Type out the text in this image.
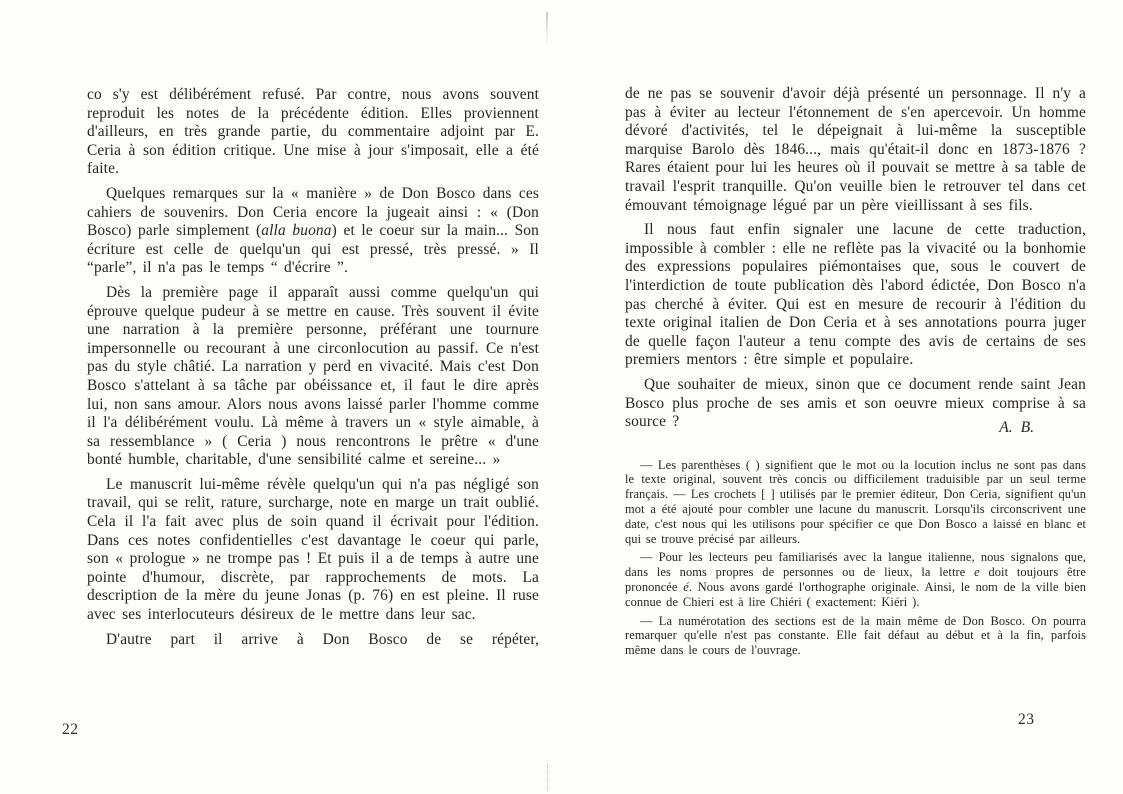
co s'y est délibérément refusé. Par contre, nous avons souvent reproduit les notes de la précédente édition. Elles proviennent d'ailleurs, en très grande partie, du commentaire adjoint par E. Ceria à son édition critique. Une mise à jour s'imposait, elle a été faite.

Quelques remarques sur la « manière » de Don Bosco dans ces cahiers de souvenirs. Don Ceria encore la jugeait ainsi : « (Don Bosco) parle simplement (alla buona) et le coeur sur la main... Son écriture est celle de quelqu'un qui est pressé, très pressé. » Il “parle”, il n'a pas le temps “ d'écrire ”.

Dès la première page il apparaît aussi comme quelqu'un qui éprouve quelque pudeur à se mettre en cause. Très souvent il évite une narration à la première personne, préférant une tournure impersonnelle ou recourant à une circonlocution au passif. Ce n'est pas du style châtié. La narration y perd en vivacité. Mais c'est Don Bosco s'attelant à sa tâche par obéissance et, il faut le dire après lui, non sans amour. Alors nous avons laissé parler l'homme comme il l'a délibérément voulu. Là même à travers un « style aimable, à sa ressemblance » ( Ceria ) nous rencontrons le prêtre « d'une bonté humble, charitable, d'une sensibilité calme et sereine... »

Le manuscrit lui-même révèle quelqu'un qui n'a pas négligé son travail, qui se relit, rature, surcharge, note en marge un trait oublié. Cela il l'a fait avec plus de soin quand il écrivait pour l'édition. Dans ces notes confidentielles c'est davantage le coeur qui parle, son « prologue » ne trompe pas ! Et puis il a de temps à autre une pointe d'humour, discrète, par rapprochements de mots. La description de la mère du jeune Jonas (p. 76) en est pleine. Il ruse avec ses interlocuteurs désireux de le mettre dans leur sac.

D'autre part il arrive à Don Bosco de se répéter,

22

de ne pas se souvenir d'avoir déjà présenté un personnage. Il n'y a pas à éviter au lecteur l'étonnement de s'en apercevoir. Un homme dévoré d'activités, tel le dépeignait à lui-même la susceptible marquise Barolo dès 1846..., mais qu'était-il donc en 1873-1876 ? Rares étaient pour lui les heures où il pouvait se mettre à sa table de travail l'esprit tranquille. Qu'on veuille bien le retrouver tel dans cet émouvant témoignage légué par un père vieillissant à ses fils.

Il nous faut enfin signaler une lacune de cette traduction, impossible à combler : elle ne reflète pas la vivacité ou la bonhomie des expressions populaires piémontaises que, sous le couvert de l'interdiction de toute publication dès l'abord édictée, Don Bosco n'a pas cherché à éviter. Qui est en mesure de recourir à l'édition du texte original italien de Don Ceria et à ses annotations pourra juger de quelle façon l'auteur a tenu compte des avis de certains de ses premiers mentors : être simple et populaire.

Que souhaiter de mieux, sinon que ce document rende saint Jean Bosco plus proche de ses amis et son oeuvre mieux comprise à sa source ?	A. B.

— Les parenthèses ( ) signifient que le mot ou la locution inclus ne sont pas dans le texte original, souvent très concis ou difficilement traduisible par un seul terme français. — Les crochets [ ] utilisés par le premier éditeur, Don Ceria, signifient qu'un mot a été ajouté pour combler une lacune du manuscrit. Lorsqu'ils circonscrivent une date, c'est nous qui les utilisons pour spécifier ce que Don Bosco a laissé en blanc et qui se trouve précisé par ailleurs.

— Pour les lecteurs peu familiarisés avec la langue italienne, nous signalons que, dans les noms propres de personnes ou de lieux, la lettre e doit toujours être prononcée é. Nous avons gardé l'orthographe originale. Ainsi, le nom de la ville bien connue de Chieri est à lire Chiéri ( exactement: Kiéri ).

— La numérotation des sections est de la main même de Don Bosco. On pourra remarquer qu'elle n'est pas constante. Elle fait défaut au début et à la fin, parfois même dans le cours de l'ouvrage.

23
